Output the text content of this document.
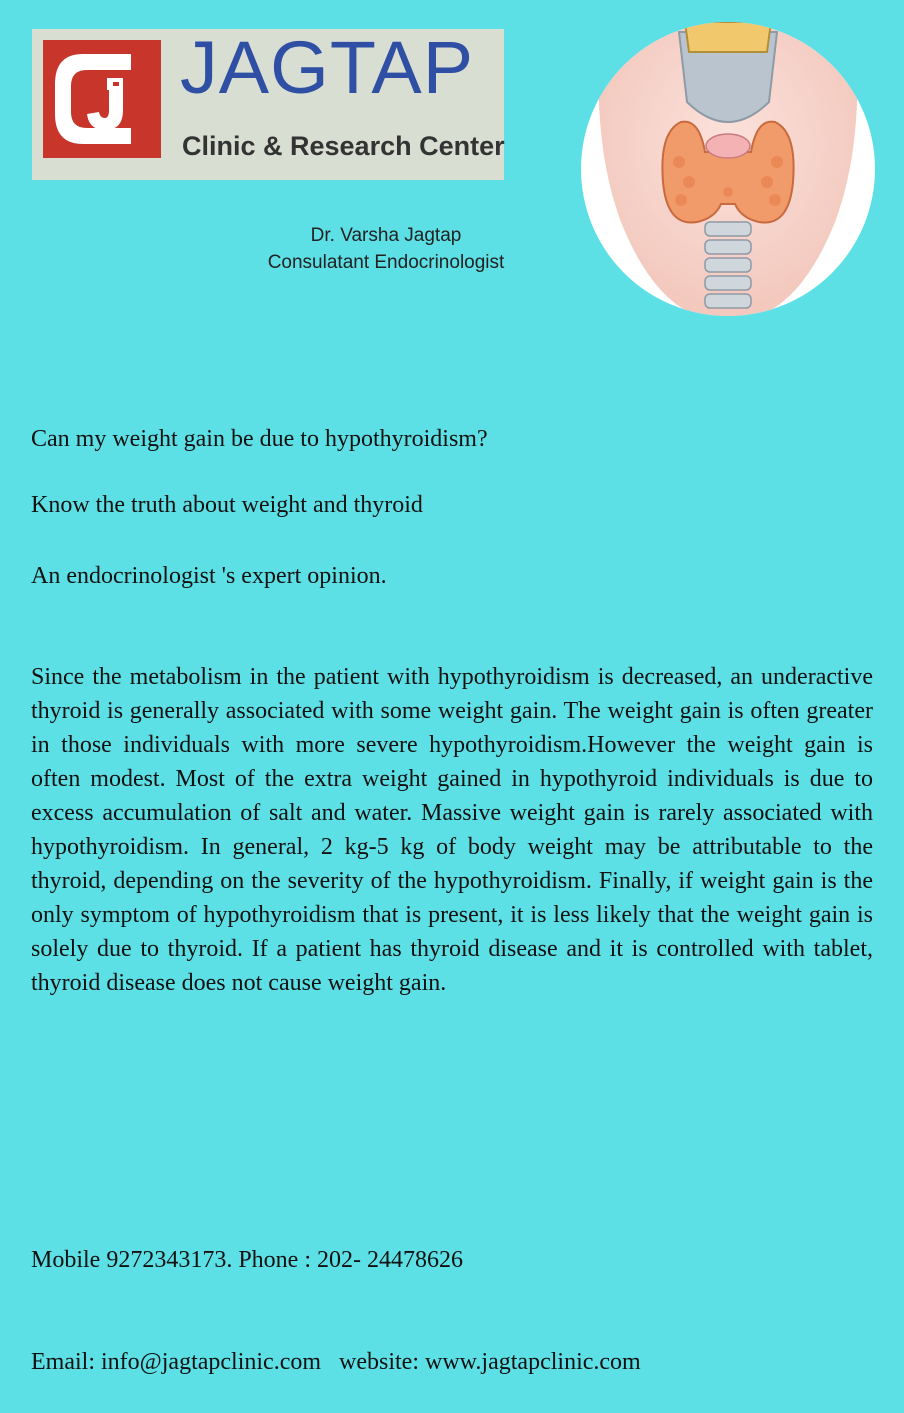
JAGTAP
Clinic & Research Center
Dr. Varsha Jagtap
Consulatant Endocrinologist
Can my weight gain be due to hypothyroidism?
Know the truth about weight and thyroid
An endocrinologist 's expert opinion.

Since the metabolism in the patient with hypothyroidism is decreased, an underactive thyroid is generally associated with some weight gain. The weight gain is often greater in those individuals with more severe hypothyroidism.However the weight gain is often modest. Most of the extra weight gained in hypothyroid individuals is due to excess accumulation of salt and water. Massive weight gain is rarely associated with hypothyroidism. In general, 2 kg-5 kg of body weight may be attributable to the thyroid, depending on the severity of the hypothyroidism. Finally, if weight gain is the only symptom of hypothyroidism that is present, it is less likely that the weight gain is solely due to thyroid. If a patient has thyroid disease and it is controlled with tablet, thyroid disease does not cause weight gain.

Mobile 9272343173. Phone : 202- 24478626

Email: info@jagtapclinic.com   website: www.jagtapclinic.com
